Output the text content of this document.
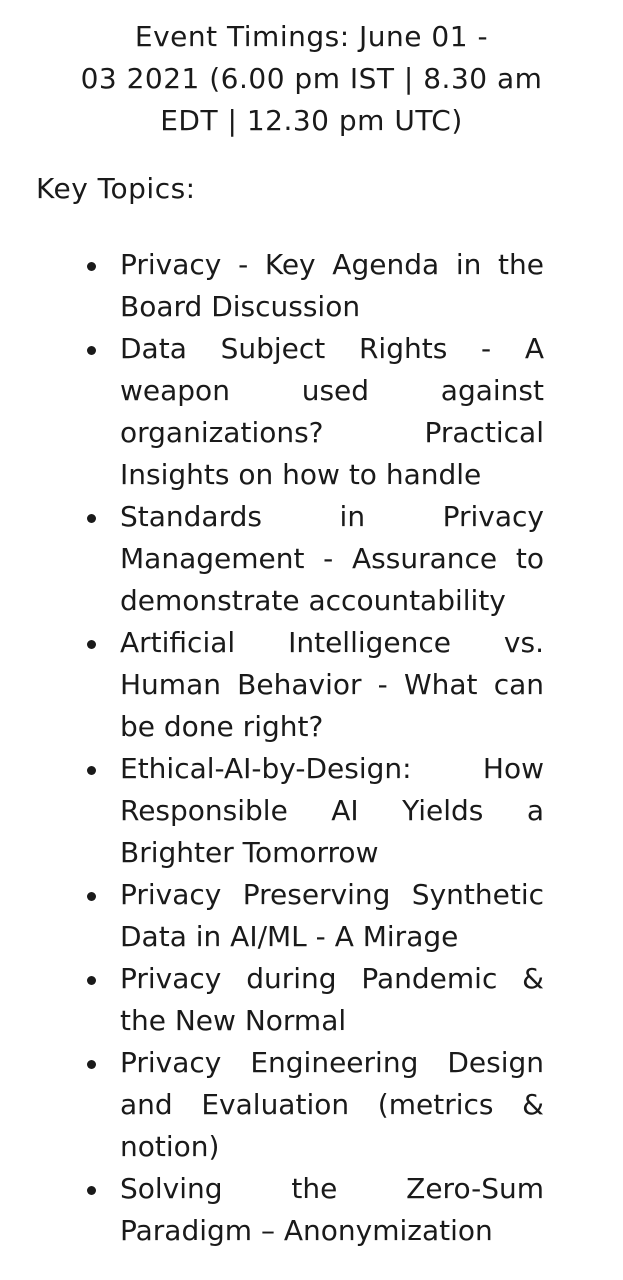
Event Timings: June 01 -
03 2021 (6.00 pm IST | 8.30 am
EDT | 12.30 pm UTC)
Key Topics:
Privacy - Key Agenda in the
Board Discussion
Data Subject Rights - A
weapon used against
organizations? Practical
Insights on how to handle
Standards in Privacy
Management - Assurance to
demonstrate accountability
Artificial Intelligence vs.
Human Behavior - What can
be done right?
Ethical-AI-by-Design: How
Responsible AI Yields a
Brighter Tomorrow
Privacy Preserving Synthetic
Data in AI/ML - A Mirage
Privacy during Pandemic &
the New Normal
Privacy Engineering Design
and Evaluation (metrics &
notion)
Solving the Zero-Sum
Paradigm – Anonymization
